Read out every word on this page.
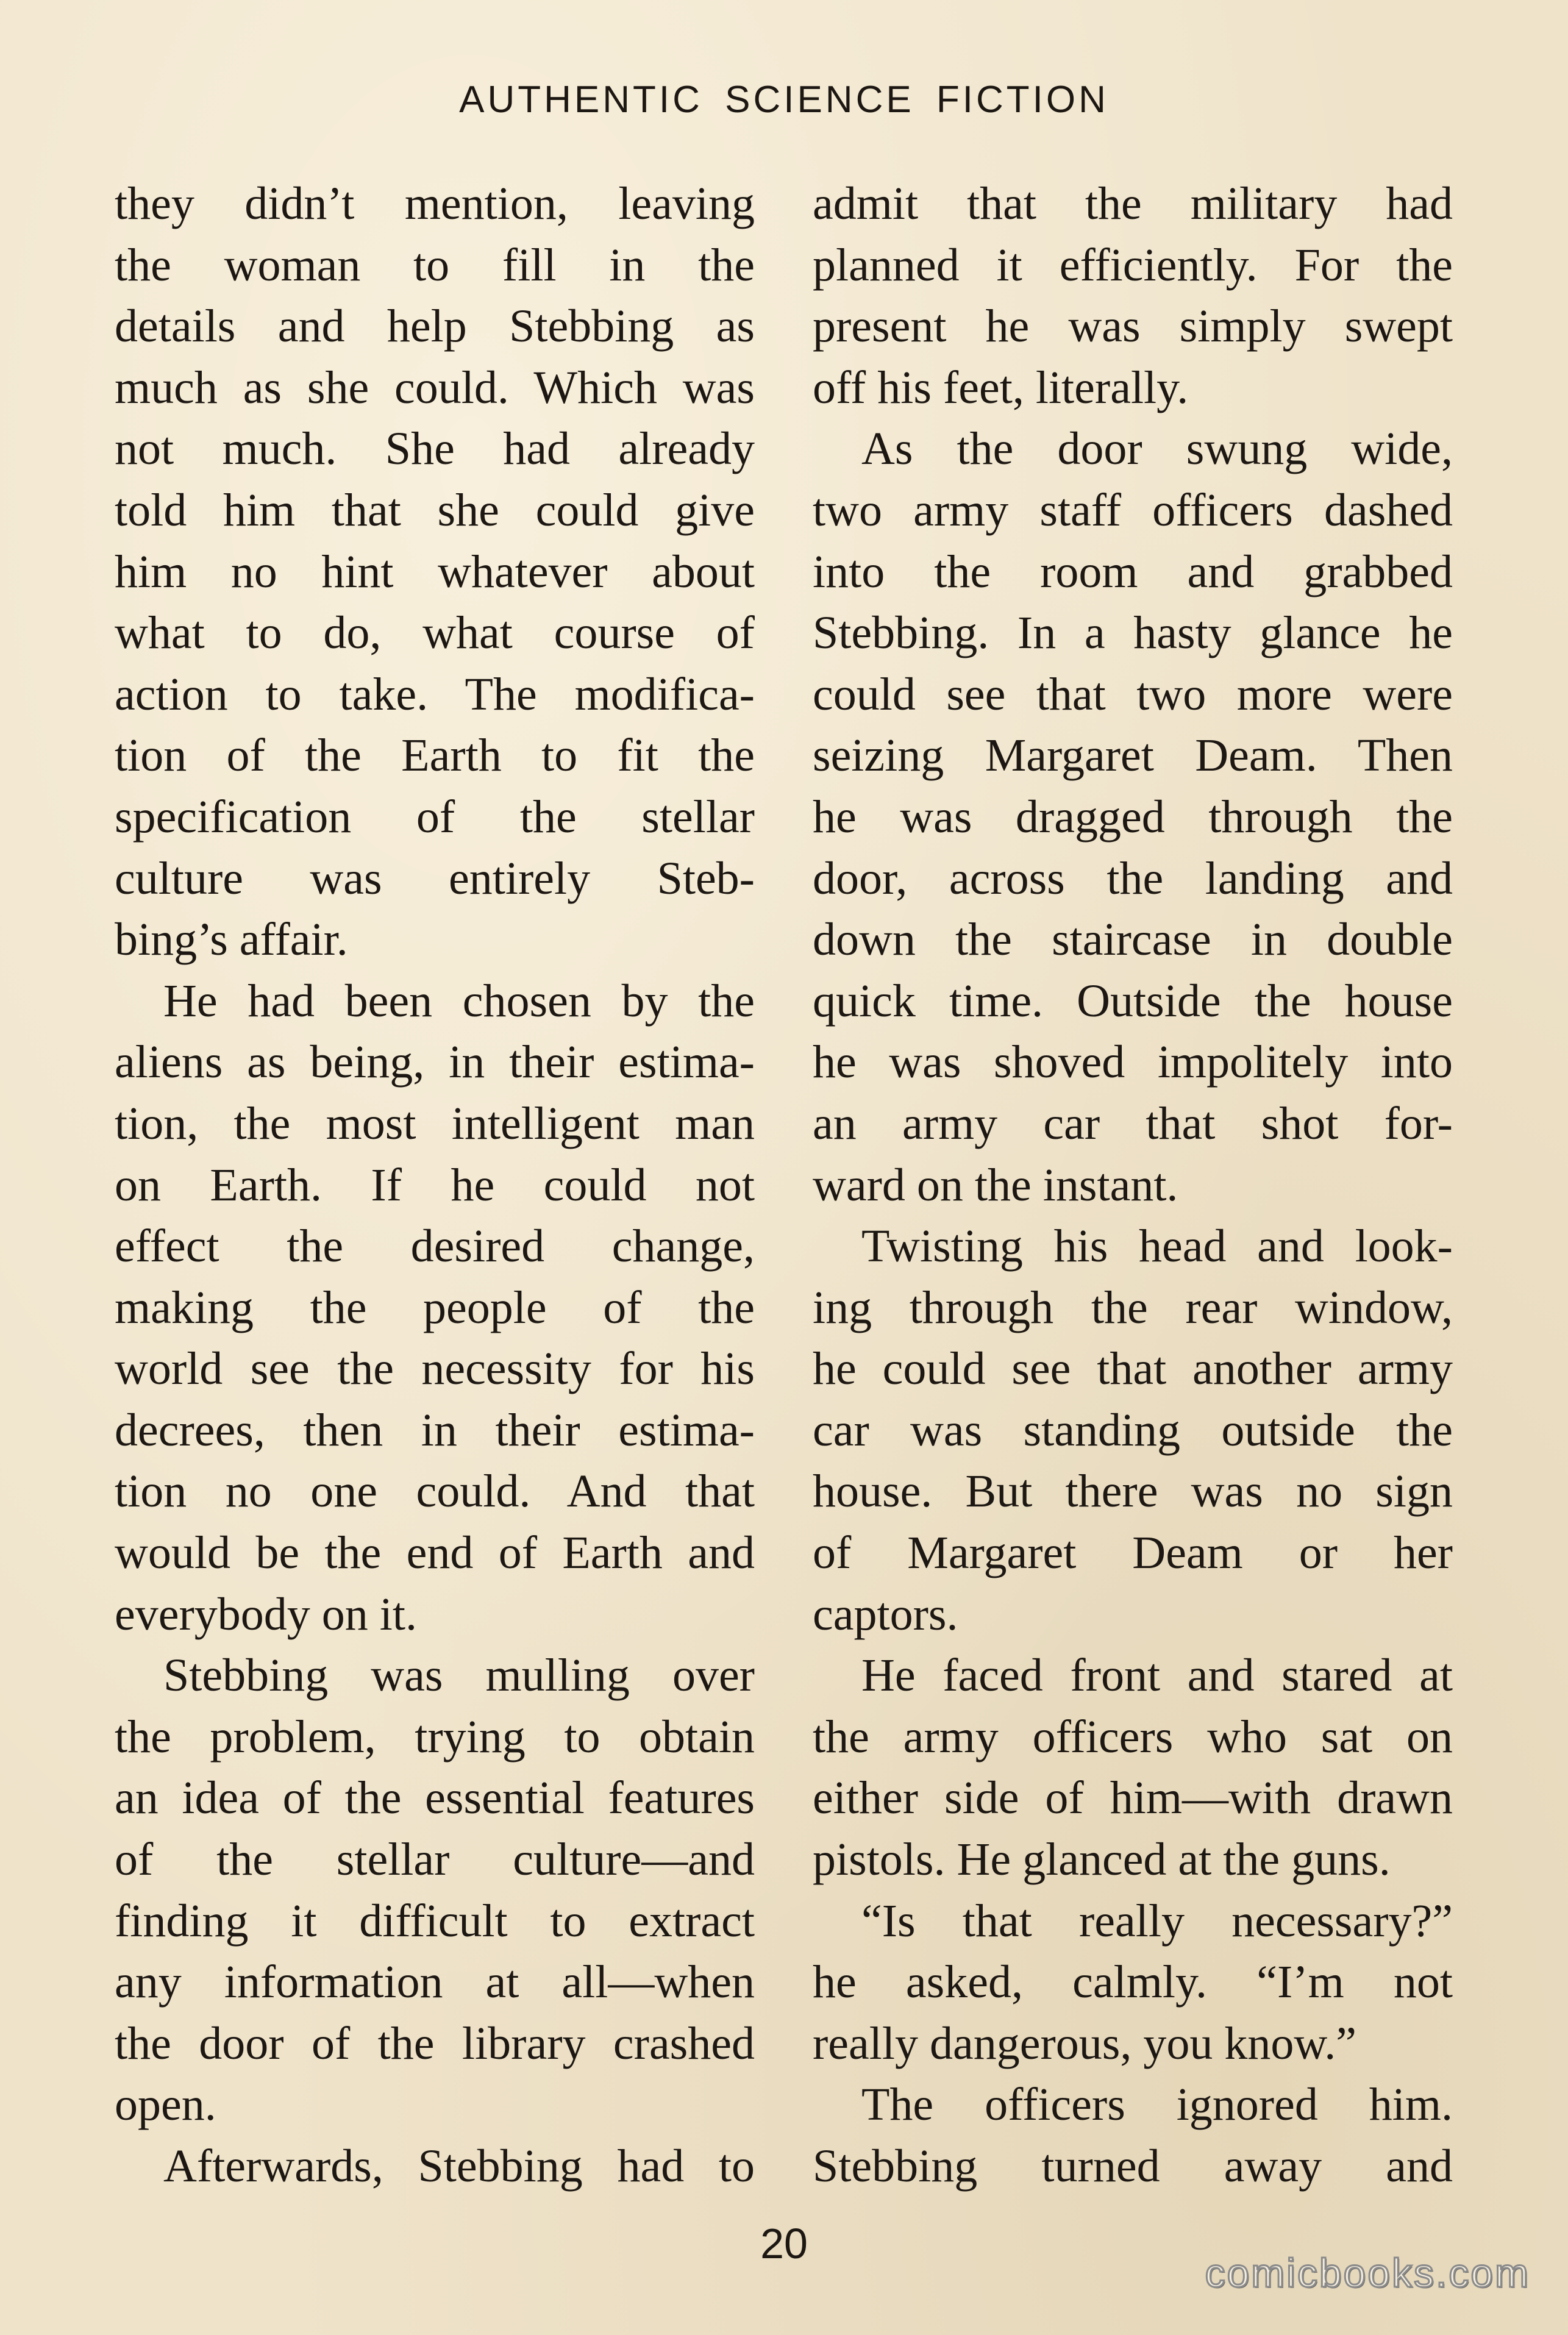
AUTHENTIC SCIENCE FICTION
they didn’t mention, leaving
the woman to fill in the
details and help Stebbing as
much as she could. Which was
not much. She had already
told him that she could give
him no hint whatever about
what to do, what course of
action to take. The modifica-
tion of the Earth to fit the
specification of the stellar
culture was entirely Steb-
bing’s affair.
He had been chosen by the
aliens as being, in their estima-
tion, the most intelligent man
on Earth. If he could not
effect the desired change,
making the people of the
world see the necessity for his
decrees, then in their estima-
tion no one could. And that
would be the end of Earth and
everybody on it.
Stebbing was mulling over
the problem, trying to obtain
an idea of the essential features
of the stellar culture—and
finding it difficult to extract
any information at all—when
the door of the library crashed
open.
Afterwards, Stebbing had to
admit that the military had
planned it efficiently. For the
present he was simply swept
off his feet, literally.
As the door swung wide,
two army staff officers dashed
into the room and grabbed
Stebbing. In a hasty glance he
could see that two more were
seizing Margaret Deam. Then
he was dragged through the
door, across the landing and
down the staircase in double
quick time. Outside the house
he was shoved impolitely into
an army car that shot for-
ward on the instant.
Twisting his head and look-
ing through the rear window,
he could see that another army
car was standing outside the
house. But there was no sign
of Margaret Deam or her
captors.
He faced front and stared at
the army officers who sat on
either side of him—with drawn
pistols. He glanced at the guns.
“Is that really necessary?”
he asked, calmly. “I’m not
really dangerous, you know.”
The officers ignored him.
Stebbing turned away and
20
comicbooks.com
